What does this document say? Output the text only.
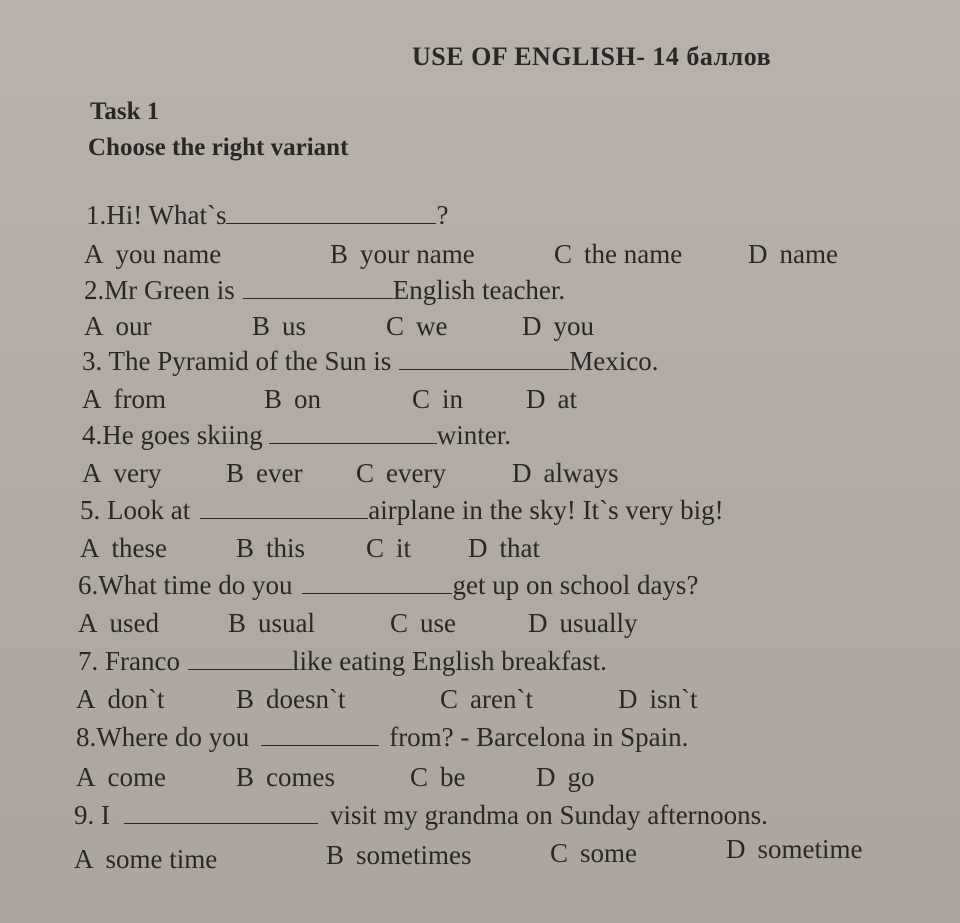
USE OF ENGLISH- 14 баллов
Task 1
Choose the right variant
1.Hi! What`s	?
A you name	B your name	C the name D name
2.Mr Green is	English teacher.
A our	B us	C we	D you
3. The Pyramid of the Sun is	Mexico.
A from	B on	C in D at
4.He goes skiing	winter.
A very B ever C every D always
5. Look at	airplane in the sky! It`s very big!
A these	B this C it D that
6.What time do you	get up on school days?
A used	B usual	C use	D usually
7. Franco	like eating English breakfast.
A don`t	B doesn`t	C aren`t	D isn`t
8.Where do you	from? - Barcelona in Spain.
A come	B comes	C be	D go
9. I	visit my grandma on Sunday afternoons.
A some time	B sometimes	C some	D sometime
